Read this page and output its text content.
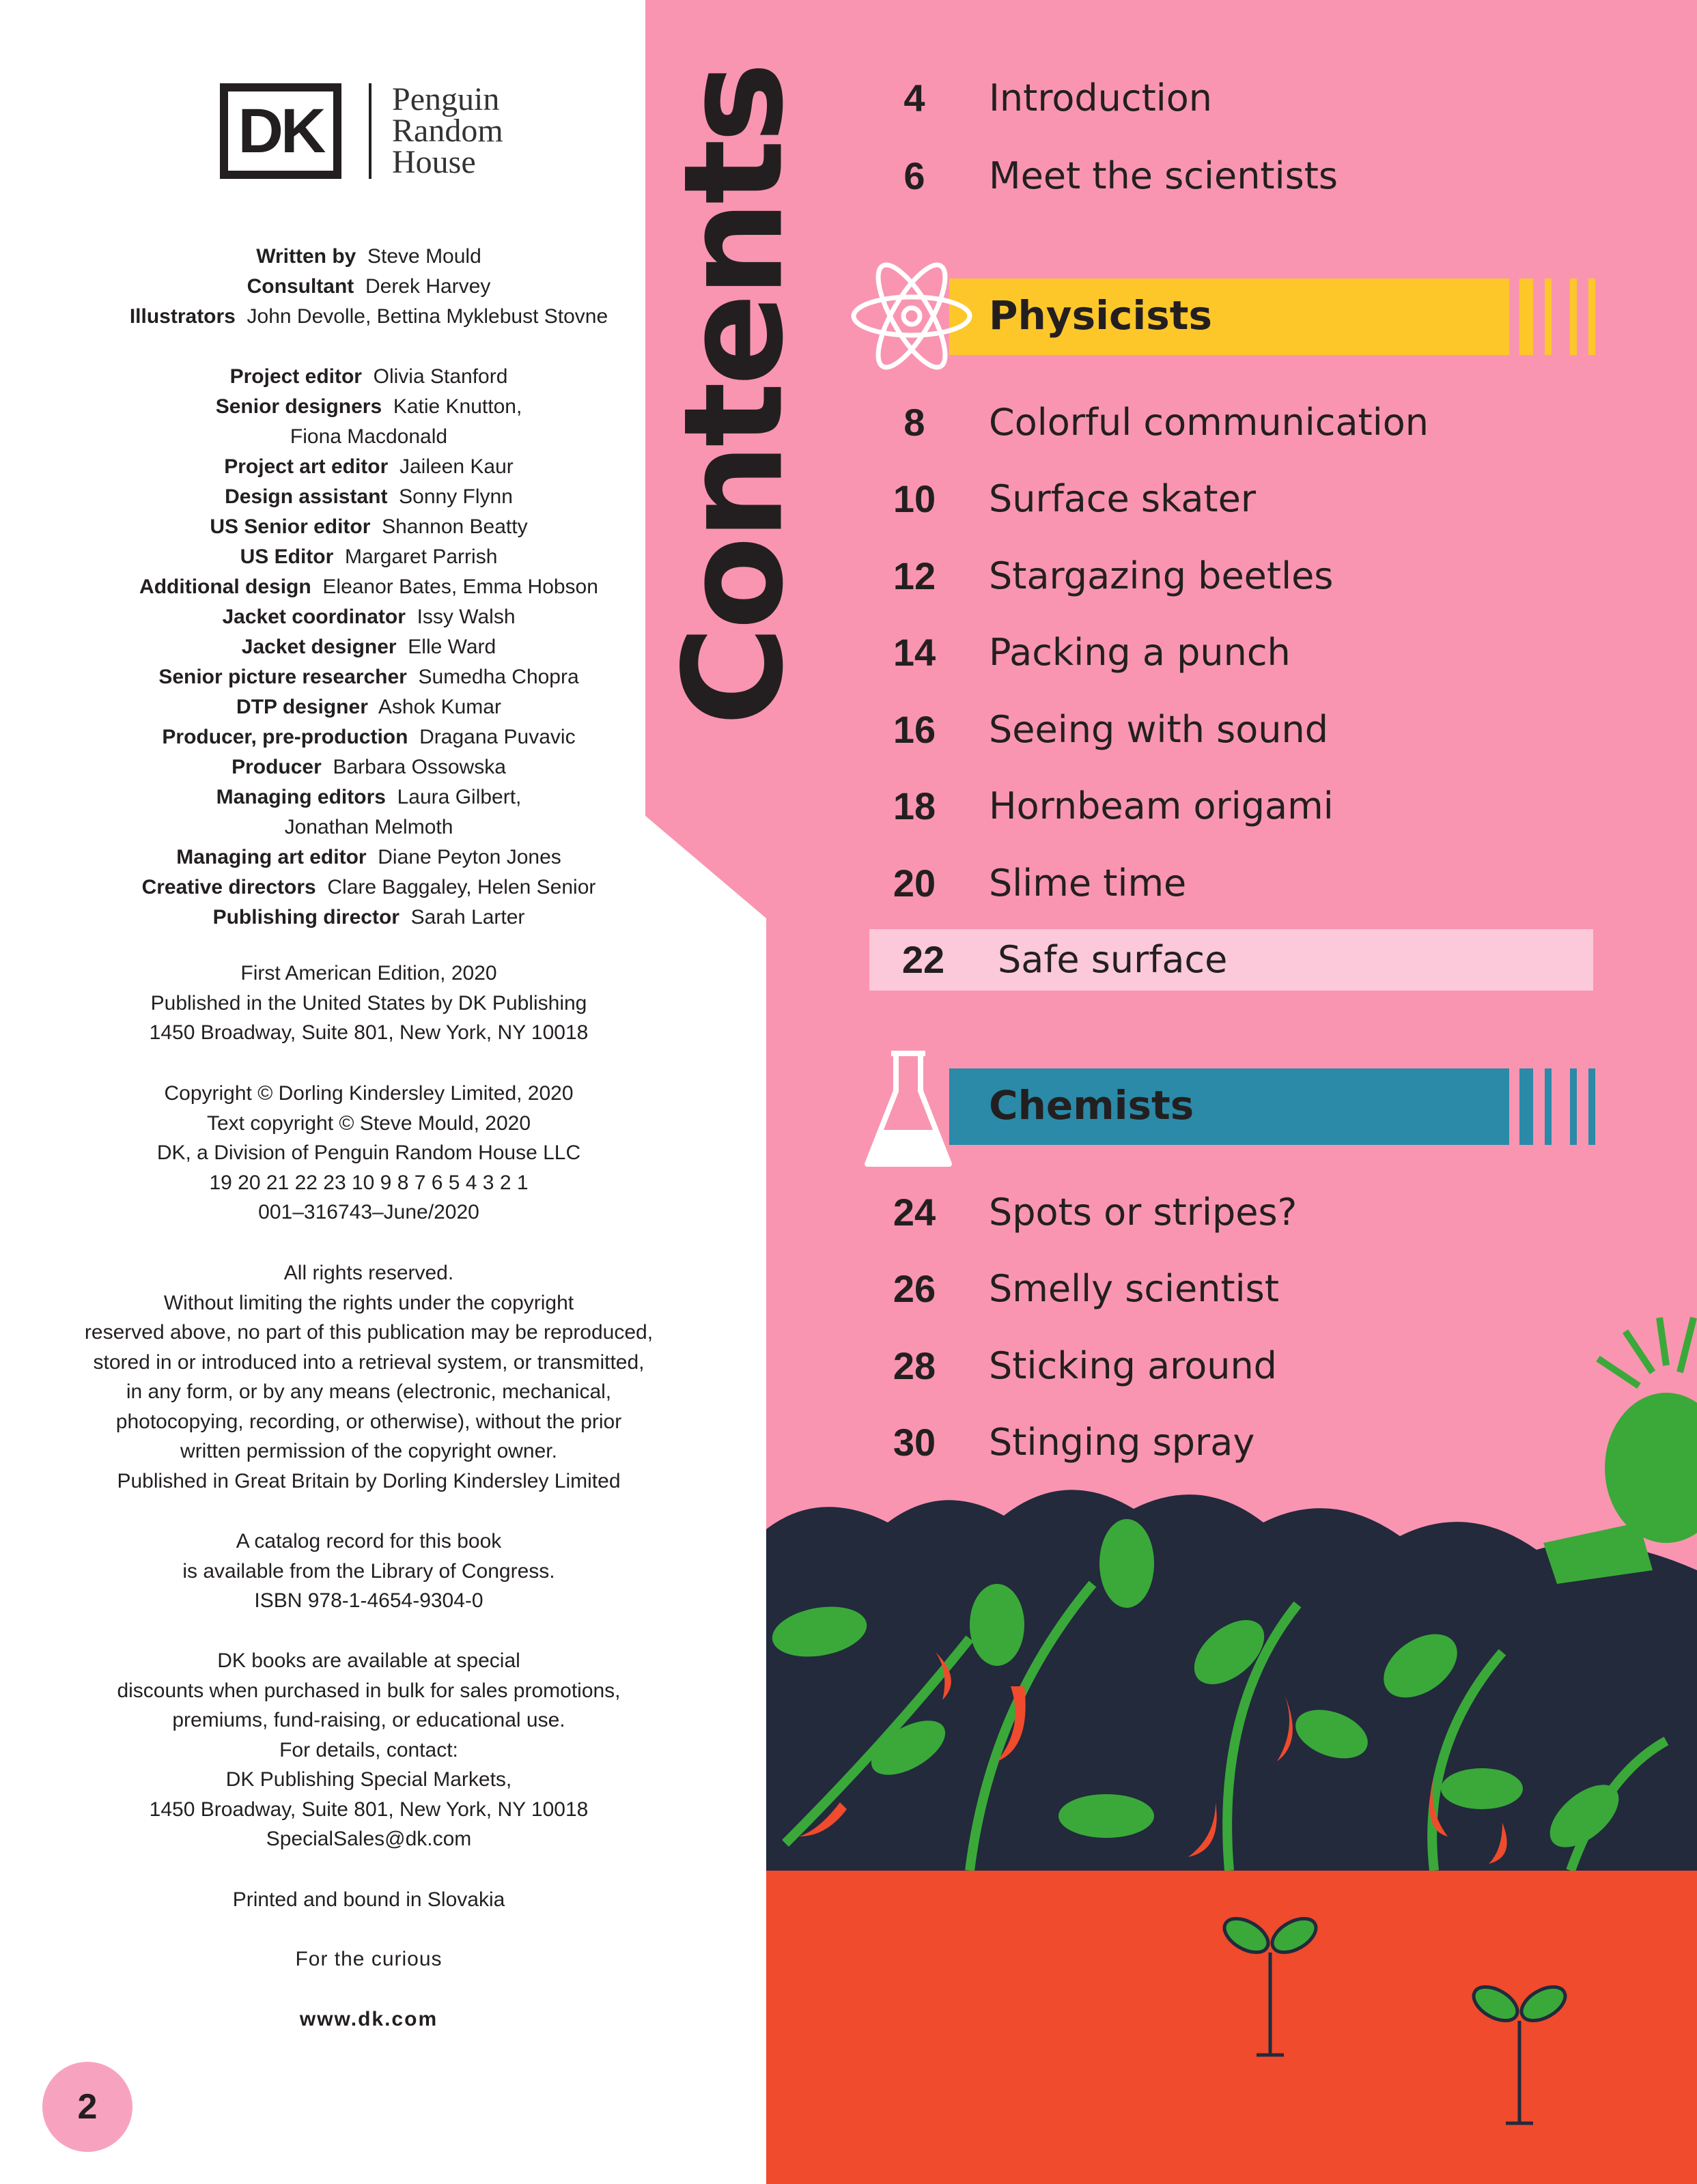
DK	Penguin
Random
House
Written by Steve Mould
Consultant Derek Harvey
Illustrators John Devolle, Bettina Myklebust Stovne
Project editor Olivia Stanford
Senior designers Katie Knutton,
Fiona Macdonald
Project art editor Jaileen Kaur
Design assistant Sonny Flynn
US Senior editor Shannon Beatty
US Editor Margaret Parrish
Additional design Eleanor Bates, Emma Hobson
Jacket coordinator Issy Walsh
Jacket designer Elle Ward
Senior picture researcher Sumedha Chopra
DTP designer Ashok Kumar
Producer, pre-production Dragana Puvavic
Producer Barbara Ossowska
Managing editors Laura Gilbert,
Jonathan Melmoth
Managing art editor Diane Peyton Jones
Creative directors Clare Baggaley, Helen Senior
Publishing director Sarah Larter
First American Edition, 2020
Published in the United States by DK Publishing
1450 Broadway, Suite 801, New York, NY 10018
Copyright © Dorling Kindersley Limited, 2020
Text copyright © Steve Mould, 2020
DK, a Division of Penguin Random House LLC
19 20 21 22 23 10 9 8 7 6 5 4 3 2 1
001–316743–June/2020
All rights reserved.
Without limiting the rights under the copyright
reserved above, no part of this publication may be reproduced,
stored in or introduced into a retrieval system, or transmitted,
in any form, or by any means (electronic, mechanical,
photocopying, recording, or otherwise), without the prior
written permission of the copyright owner.
Published in Great Britain by Dorling Kindersley Limited
A catalog record for this book
is available from the Library of Congress.
ISBN 978-1-4654-9304-0
DK books are available at special
discounts when purchased in bulk for sales promotions,
premiums, fund-raising, or educational use.
For details, contact:
DK Publishing Special Markets,
1450 Broadway, Suite 801, New York, NY 10018
SpecialSales@dk.com
Printed and bound in Slovakia
For the curious
www.dk.com
2
Contents	4	Introduction
6	Meet the scientists
Physicists
8	Colorful communication
10	Surface skater
12	Stargazing beetles
14	Packing a punch
16	Seeing with sound
18	Hornbeam origami
20	Slime time
22	Safe surface
Chemists
24	Spots or stripes?
26	Smelly scientist
28	Sticking around
30	Stinging spray
